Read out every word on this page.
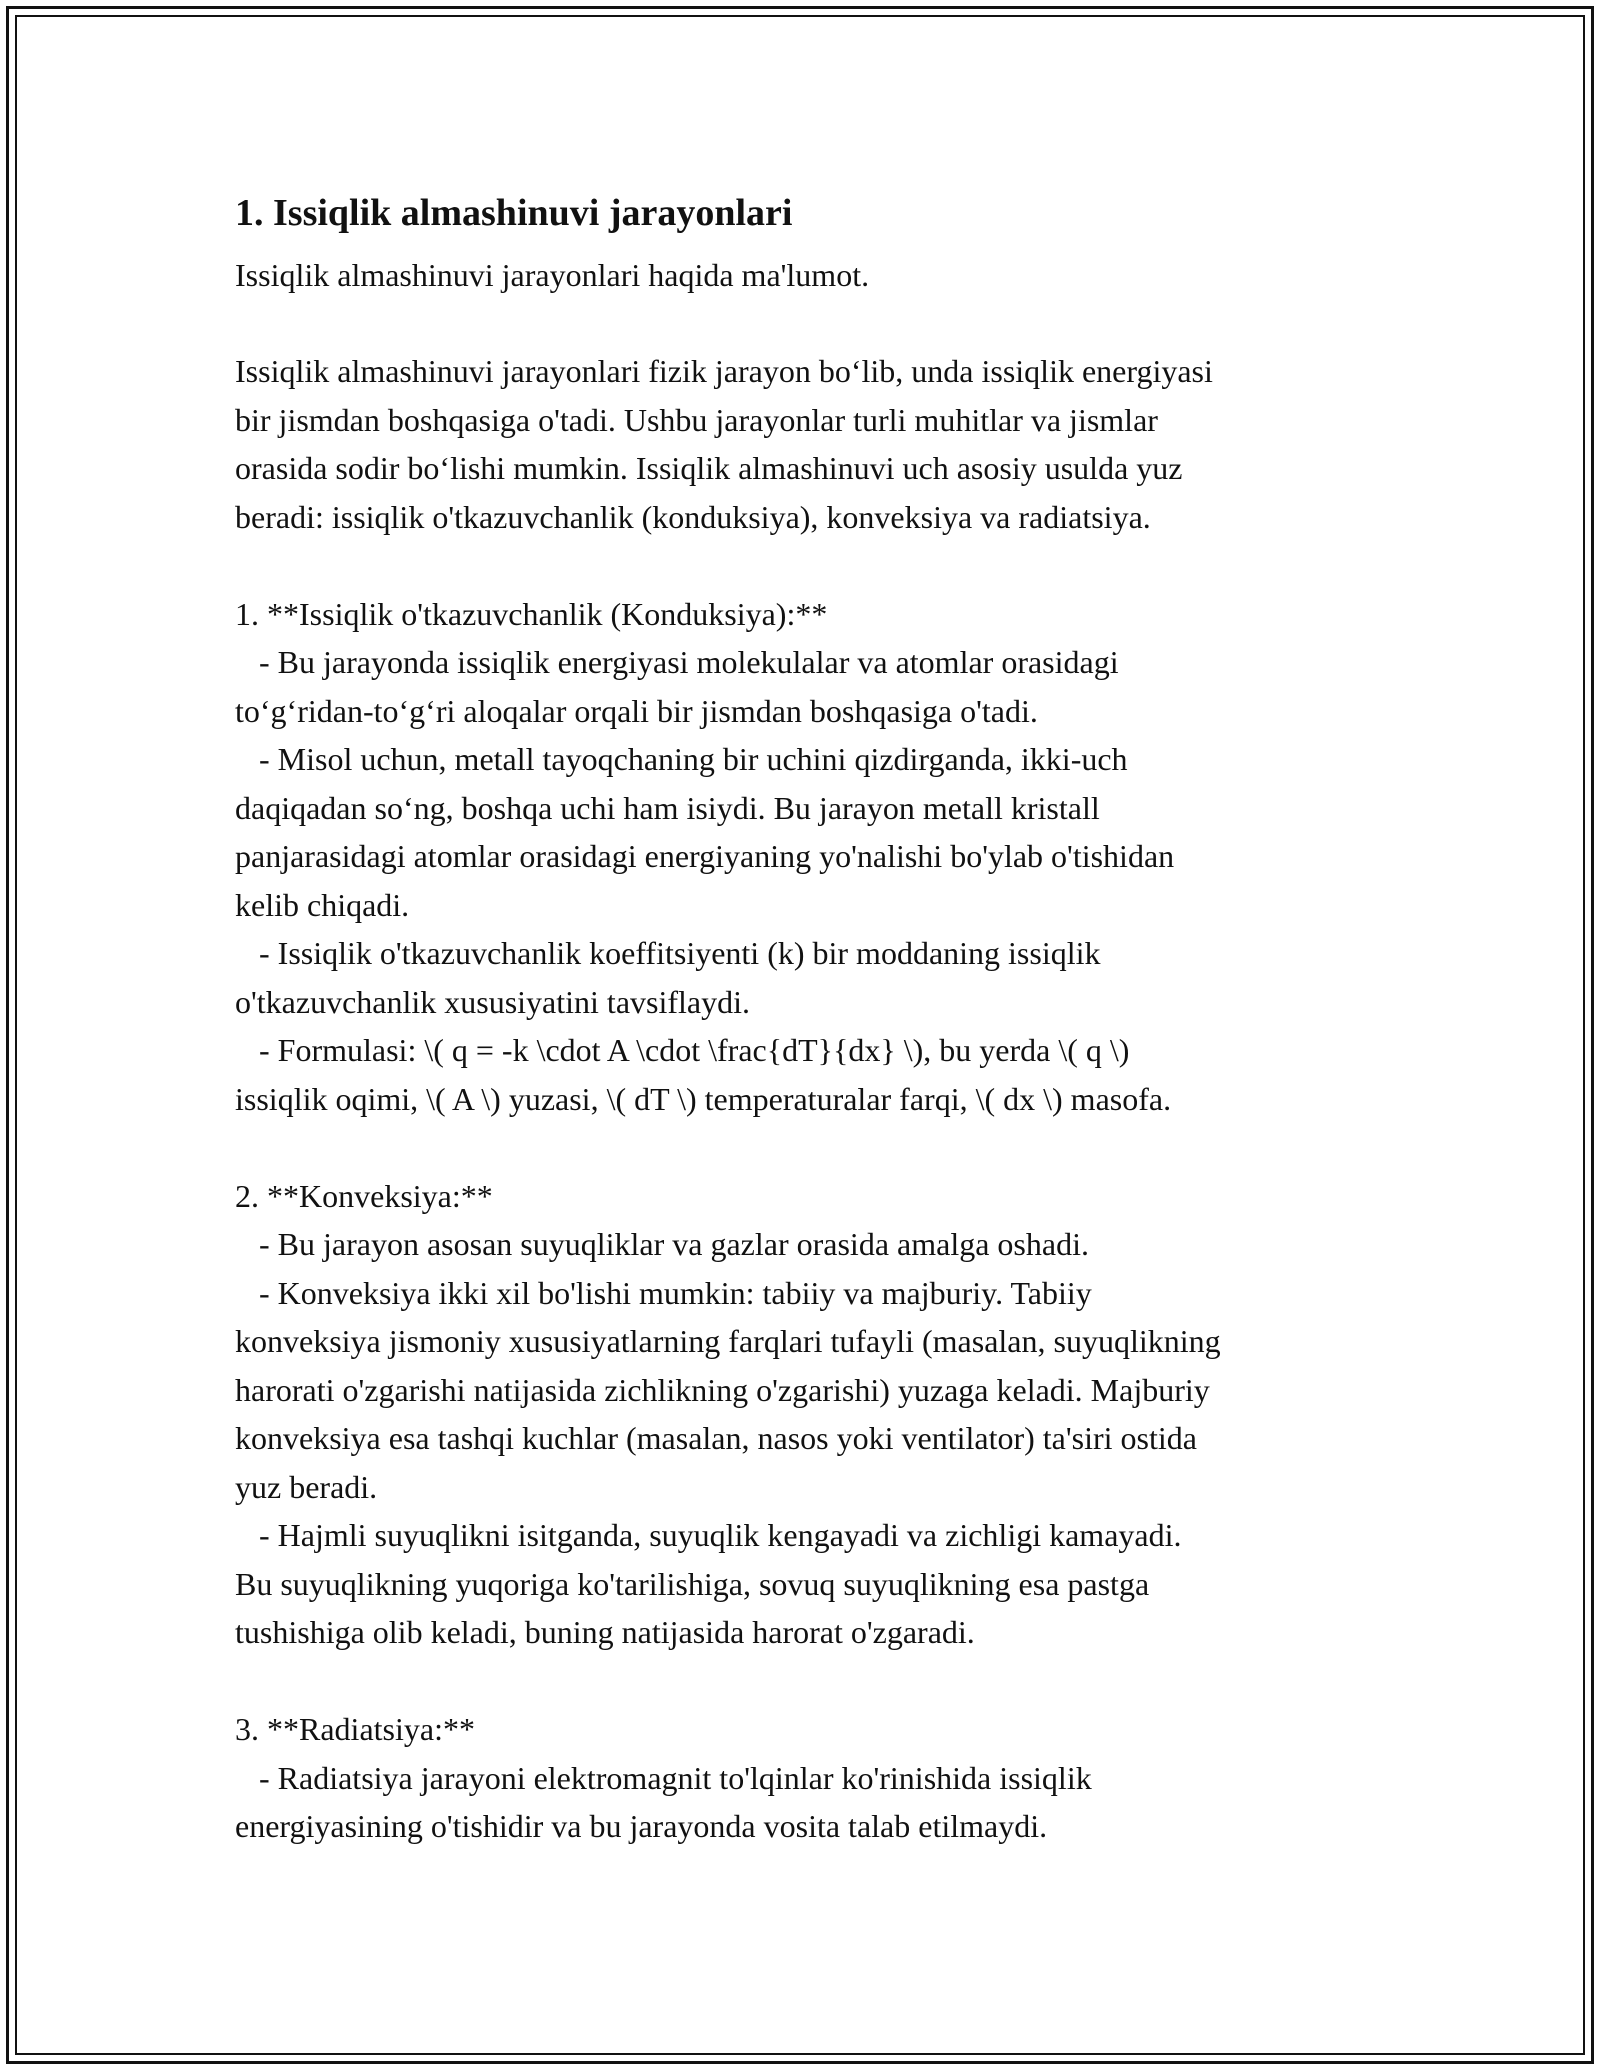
1. Issiqlik almashinuvi jarayonlari

Issiqlik almashinuvi jarayonlari haqida ma'lumot.

Issiqlik almashinuvi jarayonlari fizik jarayon bo‘lib, unda issiqlik energiyasi
bir jismdan boshqasiga o'tadi. Ushbu jarayonlar turli muhitlar va jismlar
orasida sodir bo‘lishi mumkin. Issiqlik almashinuvi uch asosiy usulda yuz
beradi: issiqlik o'tkazuvchanlik (konduksiya), konveksiya va radiatsiya.

1. **Issiqlik o'tkazuvchanlik (Konduksiya):**
- Bu jarayonda issiqlik energiyasi molekulalar va atomlar orasidagi
to‘g‘ridan-to‘g‘ri aloqalar orqali bir jismdan boshqasiga o'tadi.
- Misol uchun, metall tayoqchaning bir uchini qizdirganda, ikki-uch
daqiqadan so‘ng, boshqa uchi ham isiydi. Bu jarayon metall kristall
panjarasidagi atomlar orasidagi energiyaning yo'nalishi bo'ylab o'tishidan
kelib chiqadi.
- Issiqlik o'tkazuvchanlik koeffitsiyenti (k) bir moddaning issiqlik
o'tkazuvchanlik xususiyatini tavsiflaydi.
- Formulasi: \( q = -k \cdot A \cdot \frac{dT}{dx} \), bu yerda \( q \)
issiqlik oqimi, \( A \) yuzasi, \( dT \) temperaturalar farqi, \( dx \) masofa.

2. **Konveksiya:**
- Bu jarayon asosan suyuqliklar va gazlar orasida amalga oshadi.
- Konveksiya ikki xil bo'lishi mumkin: tabiiy va majburiy. Tabiiy
konveksiya jismoniy xususiyatlarning farqlari tufayli (masalan, suyuqlikning
harorati o'zgarishi natijasida zichlikning o'zgarishi) yuzaga keladi. Majburiy
konveksiya esa tashqi kuchlar (masalan, nasos yoki ventilator) ta'siri ostida
yuz beradi.
- Hajmli suyuqlikni isitganda, suyuqlik kengayadi va zichligi kamayadi.
Bu suyuqlikning yuqoriga ko'tarilishiga, sovuq suyuqlikning esa pastga
tushishiga olib keladi, buning natijasida harorat o'zgaradi.

3. **Radiatsiya:**
- Radiatsiya jarayoni elektromagnit to'lqinlar ko'rinishida issiqlik
energiyasining o'tishidir va bu jarayonda vosita talab etilmaydi.
